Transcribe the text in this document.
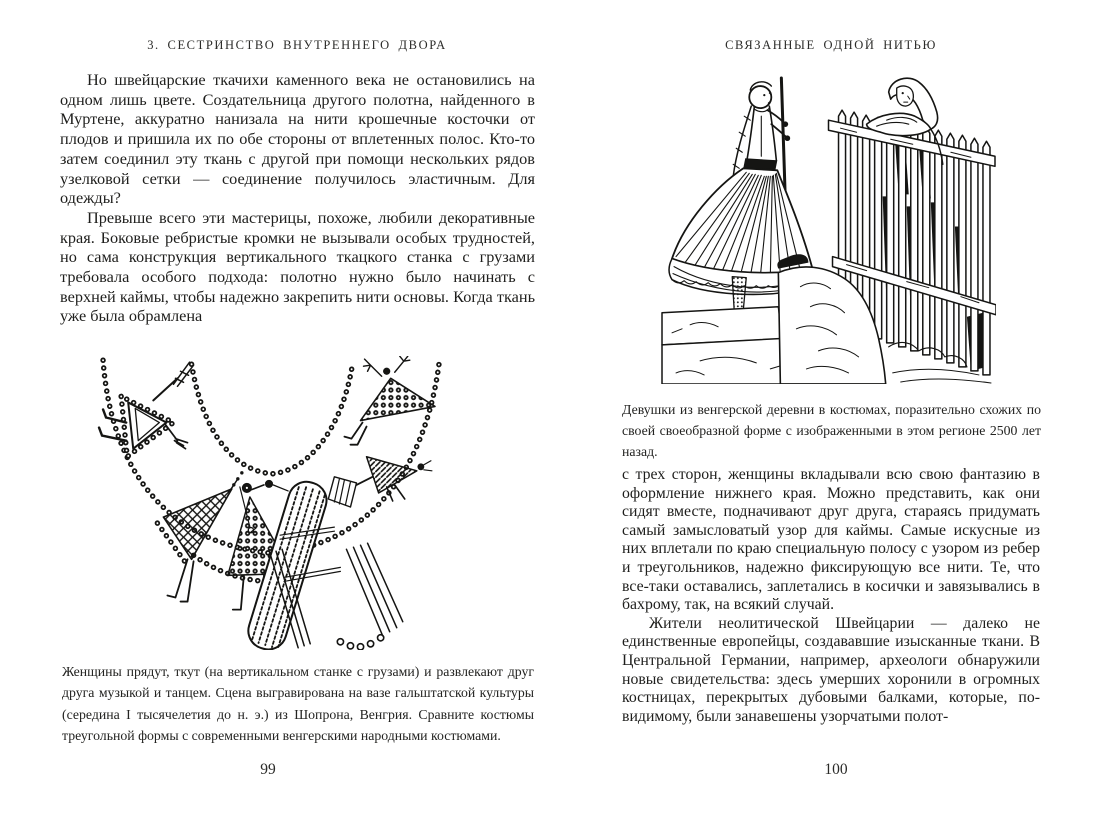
3. СЕСТРИНСТВО ВНУТРЕННЕГО ДВОРА

Но швейцарские ткачихи каменного века не остановились на одном лишь цвете. Создательница другого полотна, найденного в Муртене, аккуратно нанизала на нити крошечные косточки от плодов и пришила их по обе стороны от вплетенных полос. Кто-то затем соединил эту ткань с другой при помощи нескольких рядов узелковой сетки — соединение получилось эластичным. Для одежды?

Превыше всего эти мастерицы, похоже, любили декоративные края. Боковые ребристые кромки не вызывали особых трудностей, но сама конструкция вертикального ткацкого станка с грузами требовала особого подхода: полотно нужно было начинать с верхней каймы, чтобы надежно закрепить нити основы. Когда ткань уже была обрамлена

Женщины прядут, ткут (на вертикальном станке с грузами) и развлекают друг друга музыкой и танцем. Сцена выгравирована на вазе гальштатской культуры (середина I тысячелетия до н. э.) из Шопрона, Венгрия. Сравните костюмы треугольной формы с современными венгерскими народными костюмами.
99
СВЯЗАННЫЕ ОДНОЙ НИТЬЮ
Девушки из венгерской деревни в костюмах, поразительно схожих по своей своеобразной форме с изображенными в этом регионе 2500 лет назад.

с трех сторон, женщины вкладывали всю свою фантазию в оформление нижнего края. Можно представить, как они сидят вместе, подначивают друг друга, стараясь придумать самый замысловатый узор для каймы. Самые искусные из них вплетали по краю специальную полосу с узором из ребер и треугольников, надежно фиксирующую все нити. Те, что все-таки оставались, заплетались в косички и завязывались в бахрому, так, на всякий случай.

Жители неолитической Швейцарии — далеко не единственные европейцы, создававшие изысканные ткани. В Центральной Германии, например, археологи обнаружили новые свидетельства: здесь умерших хоронили в огромных костницах, перекрытых дубовыми балками, которые, по-видимому, были занавешены узорчатыми полот-

100
